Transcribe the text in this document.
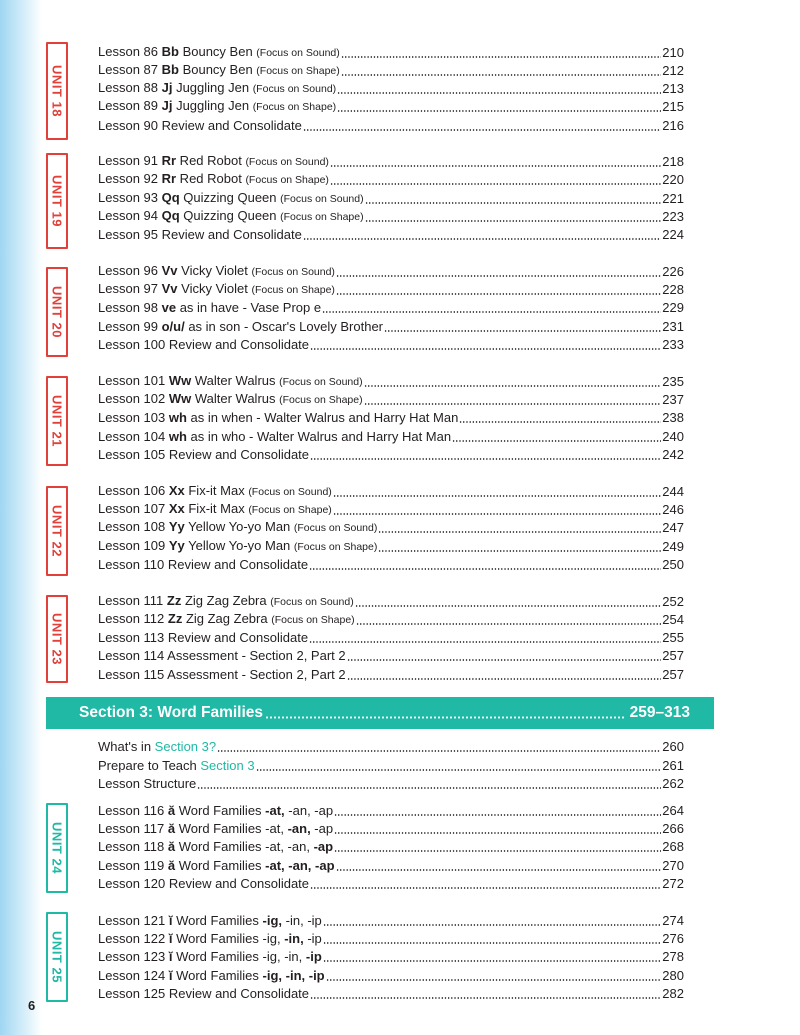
UNIT 18
UNIT 19
UNIT 20
UNIT 21
UNIT 22
UNIT 23
UNIT 24
UNIT 25
Lesson 86 Bb Bouncy Ben (Focus on Sound)	210
Lesson 87 Bb Bouncy Ben (Focus on Shape)	212
Lesson 88 Jj Juggling Jen (Focus on Sound)	213
Lesson 89 Jj Juggling Jen (Focus on Shape)	215
Lesson 90 Review and Consolidate	216
Lesson 91 Rr Red Robot (Focus on Sound)	218
Lesson 92 Rr Red Robot (Focus on Shape)	220
Lesson 93 Qq Quizzing Queen (Focus on Sound)	221
Lesson 94 Qq Quizzing Queen (Focus on Shape)	223
Lesson 95 Review and Consolidate	224
Lesson 96 Vv Vicky Violet (Focus on Sound)	226
Lesson 97 Vv Vicky Violet (Focus on Shape)	228
Lesson 98 ve as in have - Vase Prop e	229
Lesson 99 o/u/ as in son - Oscar's Lovely Brother	231
Lesson 100 Review and Consolidate	233
Lesson 101 Ww Walter Walrus (Focus on Sound)	235
Lesson 102 Ww Walter Walrus (Focus on Shape)	237
Lesson 103 wh as in when - Walter Walrus and Harry Hat Man	238
Lesson 104 wh as in who - Walter Walrus and Harry Hat Man	240
Lesson 105 Review and Consolidate	242
Lesson 106 Xx Fix-it Max (Focus on Sound)	244
Lesson 107 Xx Fix-it Max (Focus on Shape)	246
Lesson 108 Yy Yellow Yo-yo Man (Focus on Sound)	247
Lesson 109 Yy Yellow Yo-yo Man (Focus on Shape)	249
Lesson 110 Review and Consolidate	250
Lesson 111 Zz Zig Zag Zebra (Focus on Sound)	252
Lesson 112 Zz Zig Zag Zebra (Focus on Shape)	254
Lesson 113 Review and Consolidate	255
Lesson 114 Assessment - Section 2, Part 2	257
Lesson 115 Assessment - Section 2, Part 2	257
Section 3: Word Families	259–313
What's in Section 3?	260
Prepare to Teach Section 3	261
Lesson Structure	262
Lesson 116 ă Word Families -at, -an, -ap	264
Lesson 117 ă Word Families -at, -an, -ap	266
Lesson 118 ă Word Families -at, -an, -ap	268
Lesson 119 ă Word Families -at, -an, -ap	270
Lesson 120 Review and Consolidate	272
Lesson 121 ĭ Word Families -ig, -in, -ip	274
Lesson 122 ĭ Word Families -ig, -in, -ip	276
Lesson 123 ĭ Word Families -ig, -in, -ip	278
Lesson 124 ĭ Word Families -ig, -in, -ip	280
Lesson 125 Review and Consolidate	282
6
